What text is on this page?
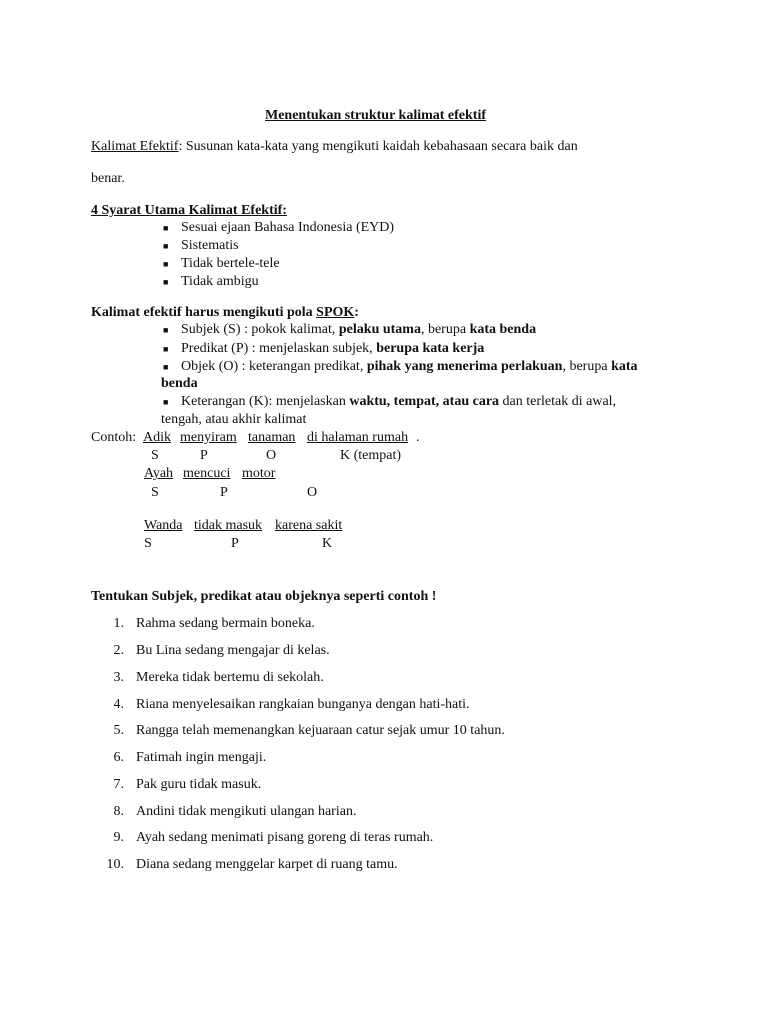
Menentukan struktur kalimat efektif
Kalimat Efektif: Susunan kata-kata yang mengikuti kaidah kebahasaan secara baik dan
benar.
4 Syarat Utama Kalimat Efektif:
■ Sesuai ejaan Bahasa Indonesia (EYD)
■ Sistematis
■ Tidak bertele-tele
■ Tidak ambigu
Kalimat efektif harus mengikuti pola SPOK:
■ Subjek (S) : pokok kalimat, pelaku utama, berupa kata benda
■ Predikat (P) : menjelaskan subjek, berupa kata kerja
■ Objek (O) : keterangan predikat, pihak yang menerima perlakuan, berupa kata
benda
■ Keterangan (K): menjelaskan waktu, tempat, atau cara dan terletak di awal,
tengah, atau akhir kalimat
Contoh: Adik menyiram tanaman di halaman rumah .
S	P	O	K (tempat)
Ayah mencuci motor
S	P	O
Wanda tidak masuk karena sakit
S	P	K
Tentukan Subjek, predikat atau objeknya seperti contoh !
1. Rahma sedang bermain boneka.
2. Bu Lina sedang mengajar di kelas.
3. Mereka tidak bertemu di sekolah.
4. Riana menyelesaikan rangkaian bunganya dengan hati-hati.
5. Rangga telah memenangkan kejuaraan catur sejak umur 10 tahun.
6. Fatimah ingin mengaji.
7. Pak guru tidak masuk.
8. Andini tidak mengikuti ulangan harian.
9. Ayah sedang menimati pisang goreng di teras rumah.
10. Diana sedang menggelar karpet di ruang tamu.
